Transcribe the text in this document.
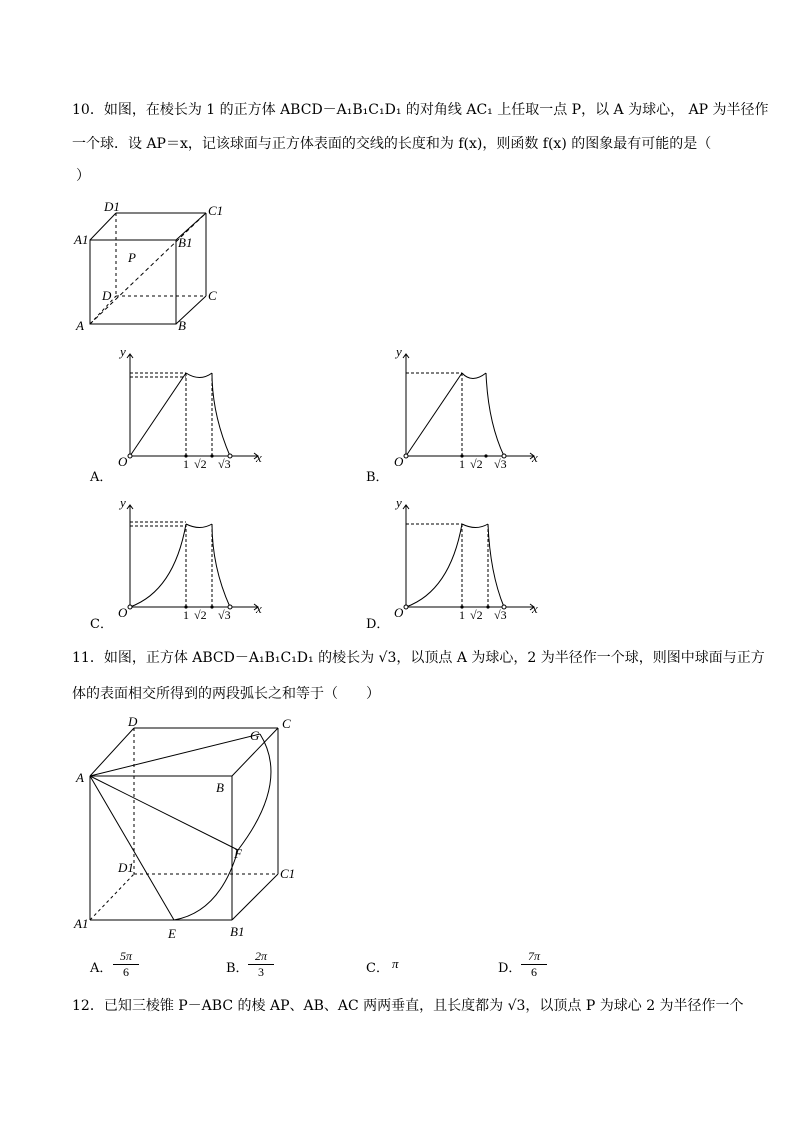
10．如图，在棱长为 1 的正方体 ABCD－A₁B₁C₁D₁ 的对角线 AC₁ 上任取一点 P，以 A 为球心， AP 为半径作
一个球．设 AP＝x，记该球面与正方体表面的交线的长度和为 f(x)，则函数 f(x) 的图象最有可能的是（
）
D1	C1
A1	B1
P
D	C
A	B
y
x
O	1 √2 √3
A．
y
x
O	1 √2 √3
B．
y
x
O	1 √2 √3
C．
y
x
O	1 √2 √3
D．
11．如图，正方体 ABCD－A₁B₁C₁D₁ 的棱长为 √3，以顶点 A 为球心，2 为半径作一个球，则图中球面与正方
体的表面相交所得到的两段弧长之和等于（　　）
D	C
G
A
B
F
D1	C1
A1
E	B1
A． $\frac{5\pi}{6}$	B． $\frac{2\pi}{3}$	C． π	D． $\frac{7\pi}{6}$
12．已知三棱锥 P－ABC 的棱 AP、AB、AC 两两垂直，且长度都为 √3，以顶点 P 为球心 2 为半径作一个
